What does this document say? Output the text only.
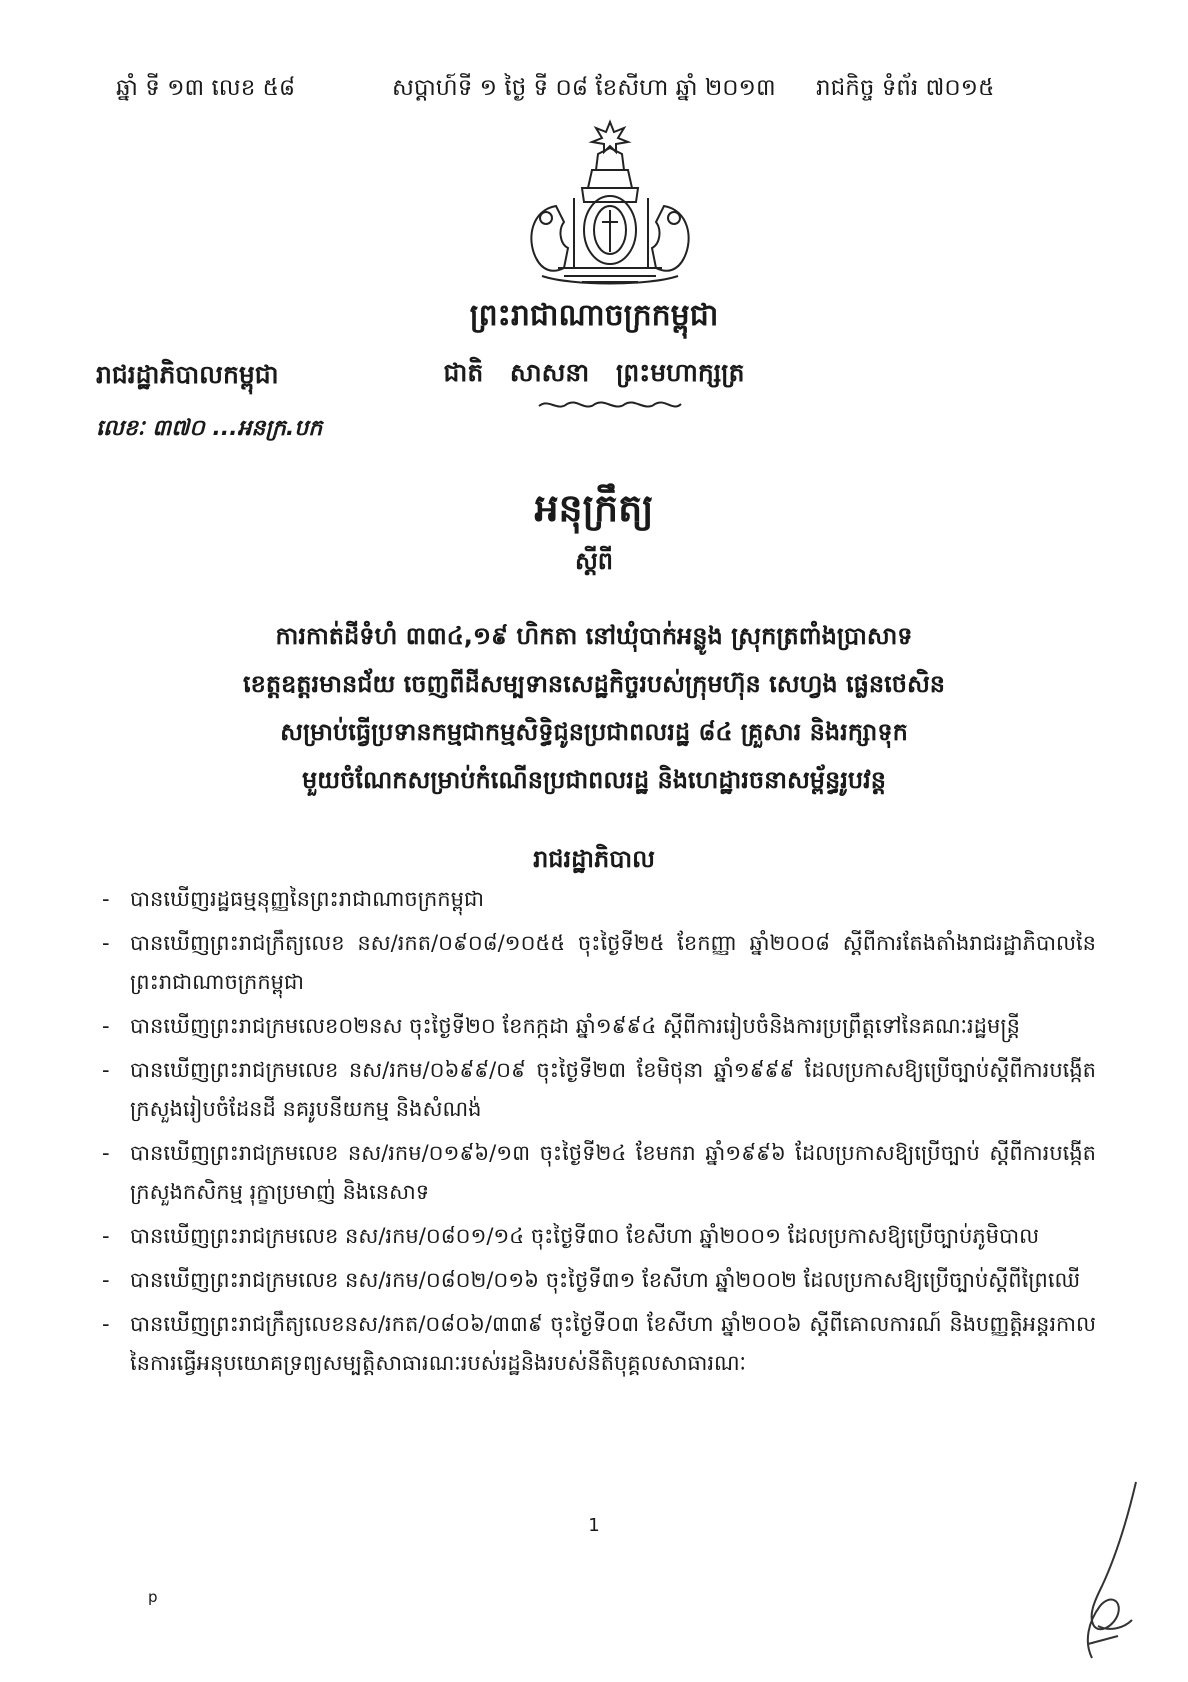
ឆ្នាំ ទី ១៣ លេខ ៥៨	សប្តាហ៍ទី ១ ថ្ងៃ ទី ០៨ ខែសីហា ឆ្នាំ ២០១៣ រាជកិច្ច ទំព័រ ៧០១៥
ព្រះរាជាណាចក្រកម្ពុជា
រាជរដ្ឋាភិបាលកម្ពុជា	ជាតិ សាសនា ព្រះមហាក្សត្រ
លេខៈ ៣៧០ ...អនក្រ.បក
អនុក្រឹត្យ
ស្តីពី
ការកាត់ដីទំហំ ៣៣៤,១៩ ហិកតា នៅឃុំបាក់អន្លូង ស្រុកត្រពាំងប្រាសាទ
ខេត្តឧត្តរមានជ័យ ចេញពីដីសម្បទានសេដ្ឋកិច្ចរបស់ក្រុមហ៊ុន សេហ្វង ផ្លេនថេសិន
សម្រាប់ធ្វើប្រទានកម្មជាកម្មសិទ្ធិជូនប្រជាពលរដ្ឋ ៨៤ គ្រួសារ និងរក្សាទុក
មួយចំណែកសម្រាប់កំណើនប្រជាពលរដ្ឋ និងហេដ្ឋារចនាសម្ព័ន្ធរូបវន្ត
រាជរដ្ឋាភិបាល
- បានឃើញរដ្ឋធម្មនុញ្ញនៃព្រះរាជាណាចក្រកម្ពុជា
- បានឃើញព្រះរាជក្រឹត្យលេខ នស/រកត/០៩០៨/១០៥៥ ចុះថ្ងៃទី២៥ ខែកញ្ញា ឆ្នាំ២០០៨ ស្តីពីការតែងតាំងរាជរដ្ឋាភិបាលនៃព្រះរាជាណាចក្រកម្ពុជា
- បានឃើញព្រះរាជក្រមលេខ០២នស ចុះថ្ងៃទី២០ ខែកក្កដា ឆ្នាំ១៩៩៤ ស្តីពីការរៀបចំនិងការប្រព្រឹត្តទៅនៃគណៈរដ្ឋមន្ត្រី
- បានឃើញព្រះរាជក្រមលេខ នស/រកម/០៦៩៩/០៩ ចុះថ្ងៃទី២៣ ខែមិថុនា ឆ្នាំ១៩៩៩ ដែលប្រកាសឱ្យប្រើច្បាប់ស្តីពីការបង្កើតក្រសួងរៀបចំដែនដី នគរូបនីយកម្ម និងសំណង់
- បានឃើញព្រះរាជក្រមលេខ នស/រកម/០១៩៦/១៣ ចុះថ្ងៃទី២៤ ខែមករា ឆ្នាំ១៩៩៦ ដែលប្រកាសឱ្យប្រើច្បាប់ ស្តីពីការបង្កើតក្រសួងកសិកម្ម រុក្ខាប្រមាញ់ និងនេសាទ
- បានឃើញព្រះរាជក្រមលេខ នស/រកម/០៨០១/១៤ ចុះថ្ងៃទី៣០ ខែសីហា ឆ្នាំ២០០១ ដែលប្រកាសឱ្យប្រើច្បាប់ភូមិបាល
- បានឃើញព្រះរាជក្រមលេខ នស/រកម/០៨០២/០១៦ ចុះថ្ងៃទី៣១ ខែសីហា ឆ្នាំ២០០២ ដែលប្រកាសឱ្យប្រើច្បាប់ស្តីពីព្រៃឈើ
- បានឃើញព្រះរាជក្រឹត្យលេខនស/រកត/០៨០៦/៣៣៩ ចុះថ្ងៃទី០៣ ខែសីហា ឆ្នាំ២០០៦ ស្តីពីគោលការណ៍ និងបញ្ញត្តិអន្តរកាលនៃការធ្វើអនុបយោគទ្រព្យសម្បត្តិសាធារណៈរបស់រដ្ឋនិងរបស់នីតិបុគ្គលសាធារណៈ
1
p
